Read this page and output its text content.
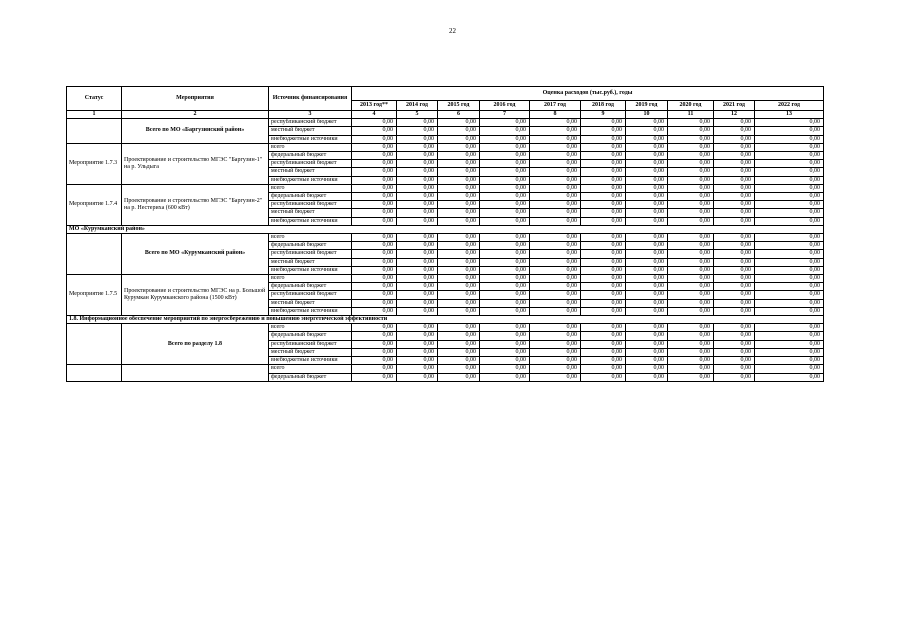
22
Статус	Мероприятия	Источник финансирования	Оценка расходов (тыс.руб.), годы									
			2013 год**	2014 год	2015 год	2016 год	2017 год	2018 год	2019 год	2020 год	2021 год	2022 год
1	2	3	4	5	6	7	8	9	10	11	12	13
	Всего по МО «Баргузинский район»	республиканский бюджет	0,00	0,00	0,00	0,00	0,00	0,00	0,00	0,00	0,00	0,00
		местный бюджет	0,00	0,00	0,00	0,00	0,00	0,00	0,00	0,00	0,00	0,00
		внебюджетные источники	0,00	0,00	0,00	0,00	0,00	0,00	0,00	0,00	0,00	0,00
Мероприятие 1.7.3	Проектирование и строительство МГЭС "Баргузин-1" на р. Ульдыга	всего	0,00	0,00	0,00	0,00	0,00	0,00	0,00	0,00	0,00	0,00
		федеральный бюджет	0,00	0,00	0,00	0,00	0,00	0,00	0,00	0,00	0,00	0,00
		республиканский бюджет	0,00	0,00	0,00	0,00	0,00	0,00	0,00	0,00	0,00	0,00
		местный бюджет	0,00	0,00	0,00	0,00	0,00	0,00	0,00	0,00	0,00	0,00
		внебюджетные источники	0,00	0,00	0,00	0,00	0,00	0,00	0,00	0,00	0,00	0,00
Мероприятие 1.7.4	Проектирование и строительство МГЭС "Баргузин-2" на р. Нестериха (600 кВт)	всего	0,00	0,00	0,00	0,00	0,00	0,00	0,00	0,00	0,00	0,00
		федеральный бюджет	0,00	0,00	0,00	0,00	0,00	0,00	0,00	0,00	0,00	0,00
		республиканский бюджет	0,00	0,00	0,00	0,00	0,00	0,00	0,00	0,00	0,00	0,00
		местный бюджет	0,00	0,00	0,00	0,00	0,00	0,00	0,00	0,00	0,00	0,00
		внебюджетные источники	0,00	0,00	0,00	0,00	0,00	0,00	0,00	0,00	0,00	0,00
МО «Курумканский район»												
	Всего по МО «Курумканский район»	всего	0,00	0,00	0,00	0,00	0,00	0,00	0,00	0,00	0,00	0,00
		федеральный бюджет	0,00	0,00	0,00	0,00	0,00	0,00	0,00	0,00	0,00	0,00
		республиканский бюджет	0,00	0,00	0,00	0,00	0,00	0,00	0,00	0,00	0,00	0,00
		местный бюджет	0,00	0,00	0,00	0,00	0,00	0,00	0,00	0,00	0,00	0,00
		внебюджетные источники	0,00	0,00	0,00	0,00	0,00	0,00	0,00	0,00	0,00	0,00
Мероприятие 1.7.5	Проектирование и строительство МГЭС на р. Большой Курумкан Курумканского района (1500 кВт)	всего	0,00	0,00	0,00	0,00	0,00	0,00	0,00	0,00	0,00	0,00
		федеральный бюджет	0,00	0,00	0,00	0,00	0,00	0,00	0,00	0,00	0,00	0,00
		республиканский бюджет	0,00	0,00	0,00	0,00	0,00	0,00	0,00	0,00	0,00	0,00
		местный бюджет	0,00	0,00	0,00	0,00	0,00	0,00	0,00	0,00	0,00	0,00
		внебюджетные источники	0,00	0,00	0,00	0,00	0,00	0,00	0,00	0,00	0,00	0,00
1.8. Информационное обеспечение мероприятий по энергосбережению и повышению энергетической эффективности												
	Всего по разделу 1.8	всего	0,00	0,00	0,00	0,00	0,00	0,00	0,00	0,00	0,00	0,00
		федеральный бюджет	0,00	0,00	0,00	0,00	0,00	0,00	0,00	0,00	0,00	0,00
		республиканский бюджет	0,00	0,00	0,00	0,00	0,00	0,00	0,00	0,00	0,00	0,00
		местный бюджет	0,00	0,00	0,00	0,00	0,00	0,00	0,00	0,00	0,00	0,00
		внебюджетные источники	0,00	0,00	0,00	0,00	0,00	0,00	0,00	0,00	0,00	0,00
		всего	0,00	0,00	0,00	0,00	0,00	0,00	0,00	0,00	0,00	0,00
		федеральный бюджет	0,00	0,00	0,00	0,00	0,00	0,00	0,00	0,00	0,00	0,00
